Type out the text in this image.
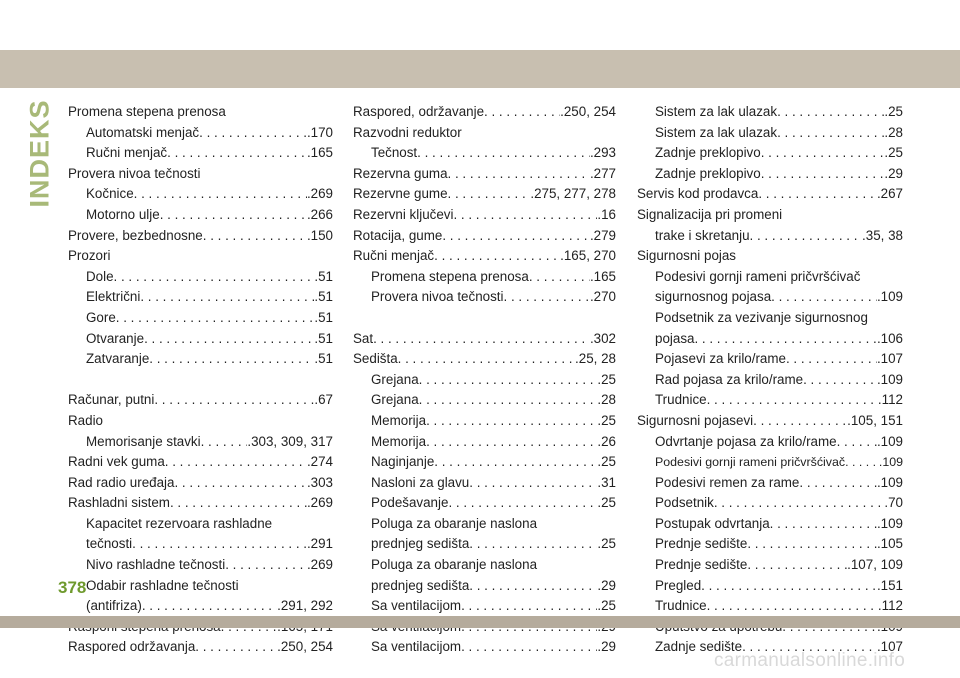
INDEKS Promena stepena prenosa
Automatski menjač . . .	.170
Ručni menjač . . .	.165
Provera nivoa tečnosti
Kočnice . . .	.269
Motorno ulje . . .	.266
Provere, bezbednosne . . .	.150
Prozori
Dole . . .	.51
Električni . . .	.51
Gore . . .	.51
Otvaranje . . .	.51
Zatvaranje . . .	.51
Računar, putni . . .	.67
Radio
Memorisanje stavki . . .	.303, 309, 317
Radni vek guma . . .	.274
Rad radio uređaja . . .	.303
Rashladni sistem . . .	.269
Kapacitet rezervoara rashladne
tečnosti . . .	.291
Nivo rashladne tečnosti . . .	.269
Odabir rashladne tečnosti
(antifriza) . . .	.291, 292
. . .
Raspored održavanja . . .	.250, 254
Raspored, održavanje . . .	.250, 254
Razvodni reduktor
Tečnost . . .	.293
Rezervna guma . . .	.277
Rezervne gume . . .	.275, 277, 278
Rezervni ključevi . . .	.16
Rotacija, gume . . .	.279
Ručni menjač . . .	.165, 270
Promena stepena prenosa . . .	.165
Provera nivoa tečnosti . . .	.270
Sat . . .	.302
Sedišta . . .	.25, 28
Grejana . . .	.25
Grejana . . .	.28
Memorija . . .	.25
Memorija . . .	.26
Naginjanje . . .	.25
Nasloni za glavu . . .	.31
Podešavanje . . .	.25
Poluga za obaranje naslona
prednjeg sedišta . . .	.25
Poluga za obaranje naslona
prednjeg sedišta . . .	.29
Sa ventilacijom . . .	.25
. . .
Sa ventilacijom . . .	.29
Sistem za lak ulazak . . .	.25
Sistem za lak ulazak . . .	.28
Zadnje preklopivo . . .	.25
Zadnje preklopivo . . .	.29
Servis kod prodavca . . .	.267
Signalizacija pri promeni
trake i skretanju . . .	.35, 38
Sigurnosni pojas
Podesivi gornji rameni pričvršćivač
sigurnosnog pojasa . . .	.109
Podsetnik za vezivanje sigurnosnog
pojasa . . .	.106
Pojasevi za krilo/rame . . .	.107
Rad pojasa za krilo/rame . . .	.109
Trudnice . . .	.112
Sigurnosni pojasevi . . .	.105, 151
Odvrtanje pojasa za krilo/rame . . .	.109
Podesivi gornji rameni pričvršćivač . . .	.109
Podesivi remen za rame . . .	.109
Podsetnik . . .	.70
Postupak odvrtanja . . .	.109
Prednje sedište . . .	.105
Prednje sedište . . .	.107, 109
Pregled . . .	.151
Trudnice . . .	.112
. . .
Zadnje sedište . . .	.107
378
carmanualsonline.info
